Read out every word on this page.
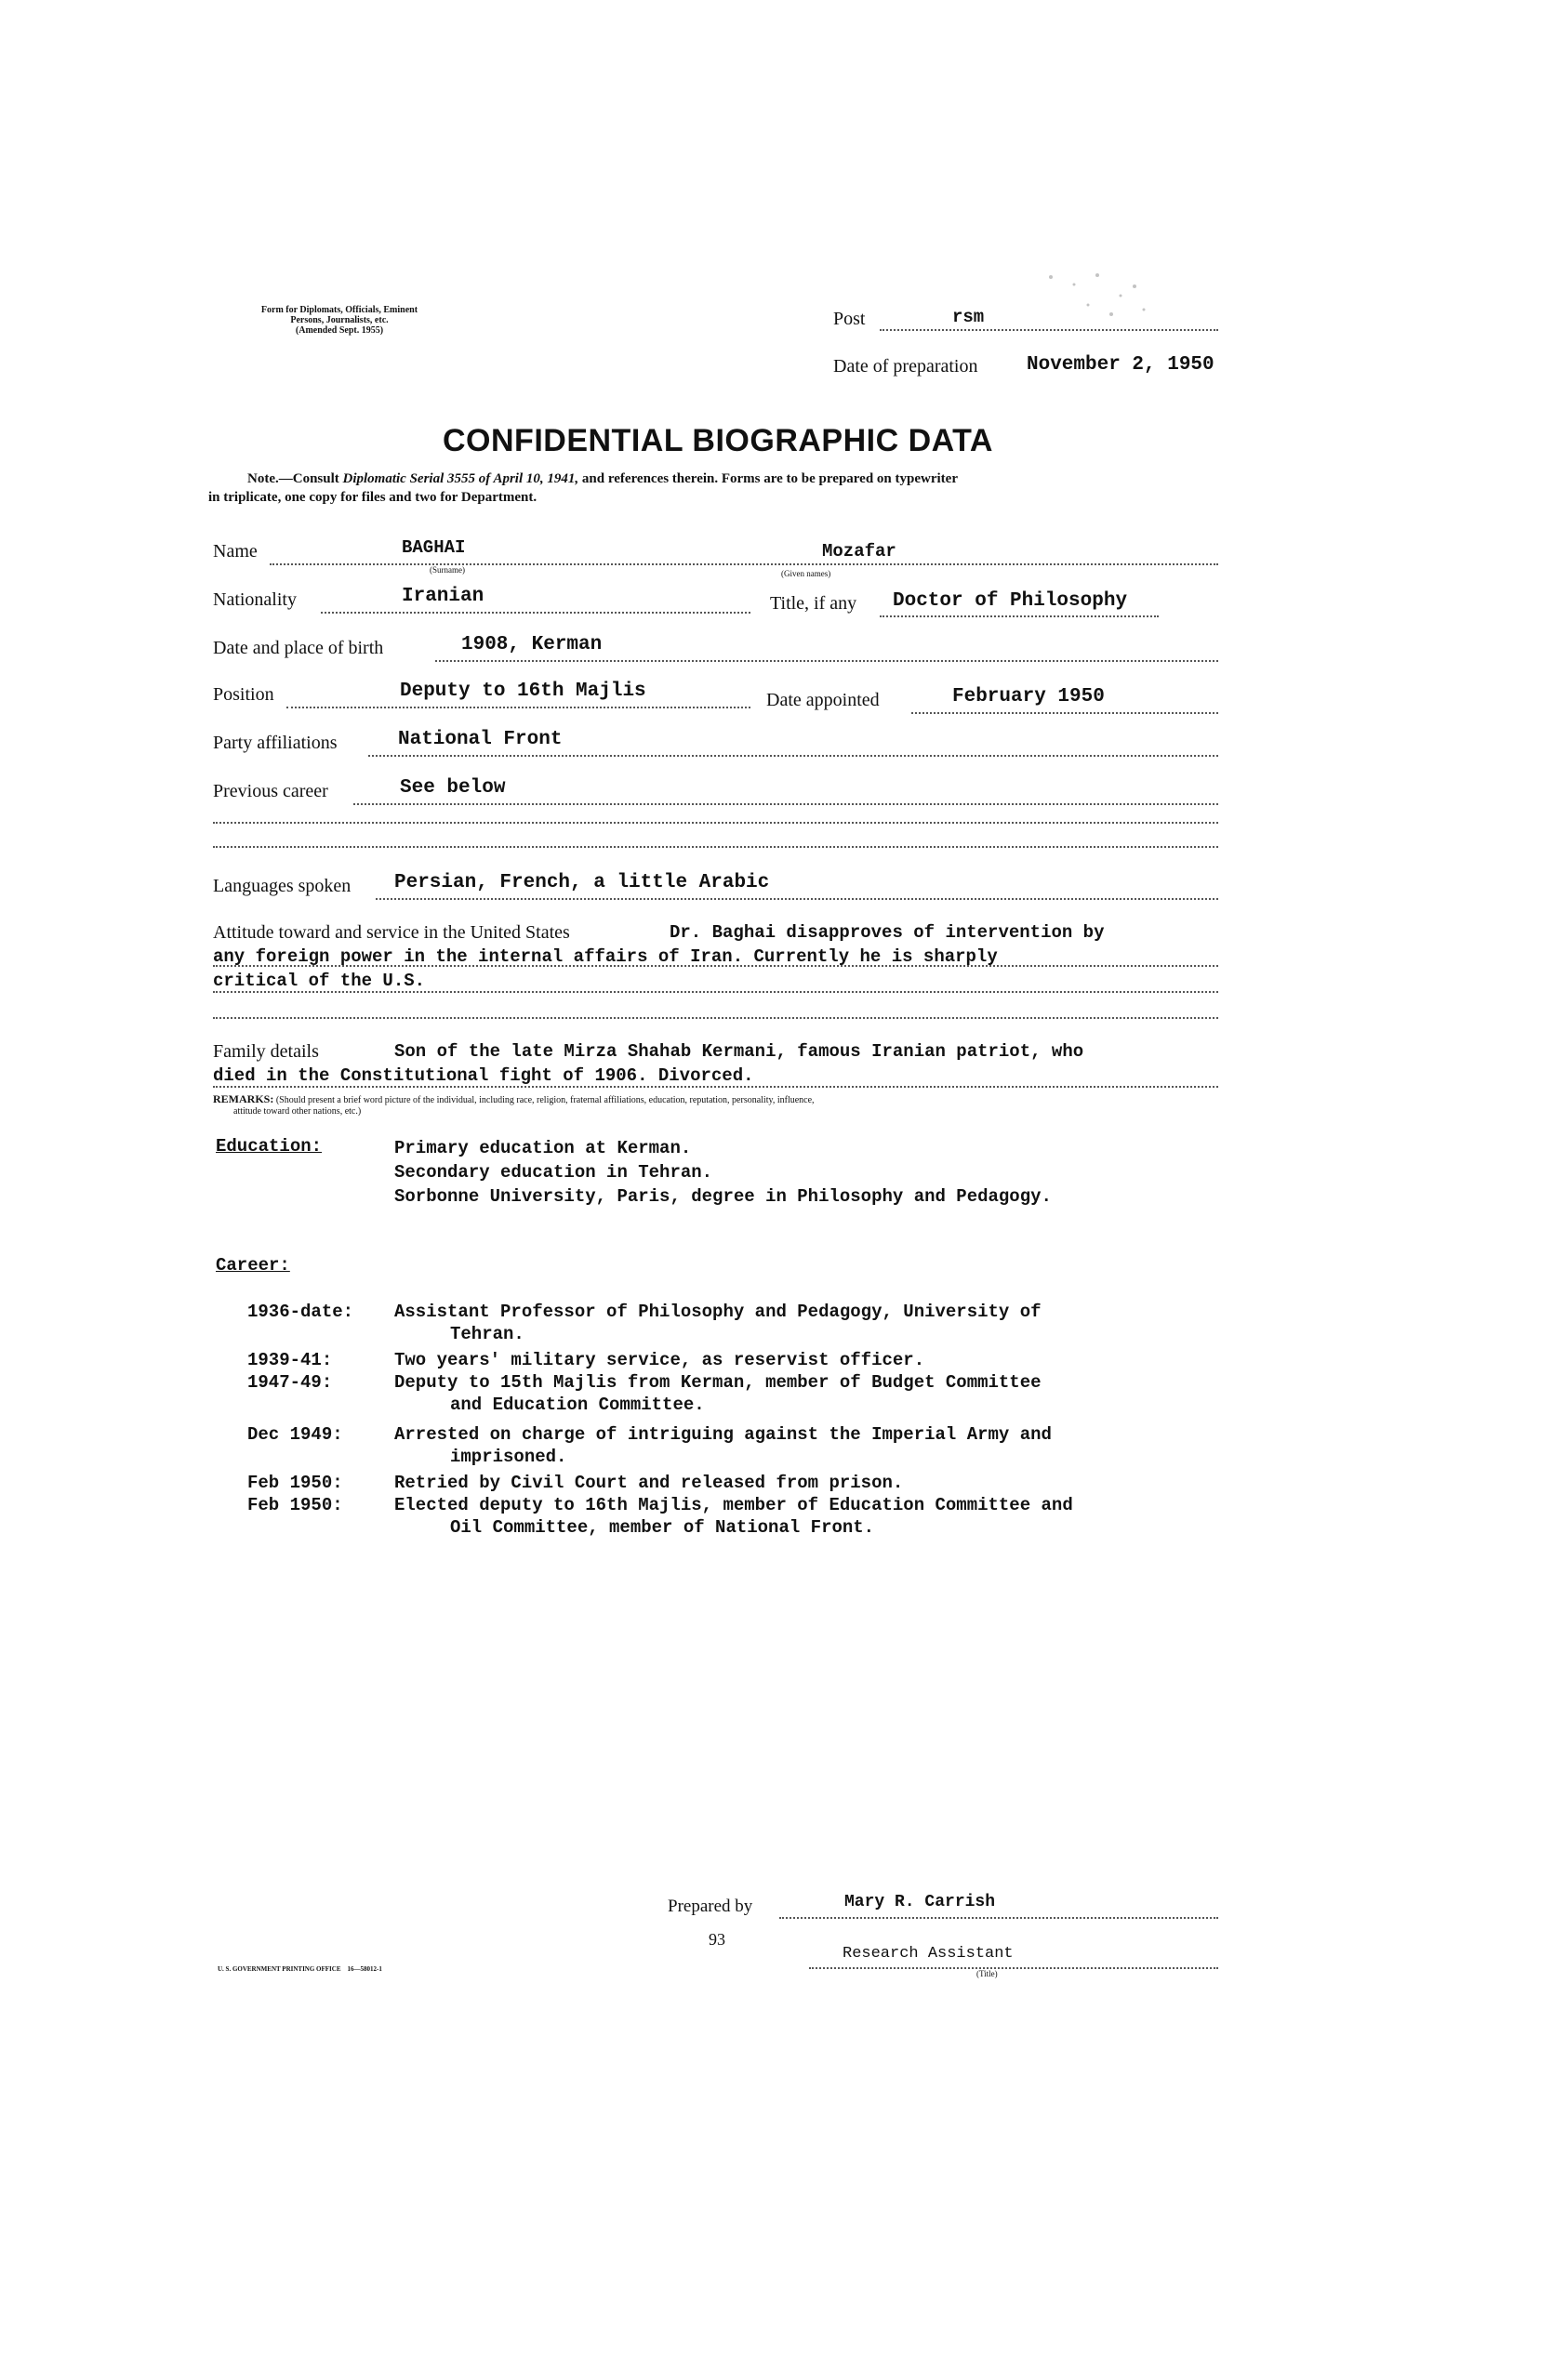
Form for Diplomats, Officials, Eminent
Persons, Journalists, etc.
(Amended Sept. 1955)
Post	rsm
Date of preparation	November 2, 1950
CONFIDENTIAL BIOGRAPHIC DATA
Note.—Consult Diplomatic Serial 3555 of April 10, 1941, and references therein. Forms are to be prepared on typewriter
in triplicate, one copy for files and two for Department.
Name	BAGHAI
(Surname)
Mozafar
(Given names)
Nationality	Iranian	Title, if any Doctor of Philosophy
Date and place of birth	1908, Kerman
Position	Deputy to 16th Majlis	Date appointed	February 1950
Party affiliations	National Front
Previous career	See below
Languages spoken Persian, French, a little Arabic
Attitude toward and service in the United States	Dr. Baghai disapproves of intervention by
any foreign power in the internal affairs of Iran. Currently he is sharply
critical of the U.S.
Family details	Son of the late Mirza Shahab Kermani, famous Iranian patriot, who
died in the Constitutional fight of 1906. Divorced.
REMARKS: (Should present a brief word picture of the individual, including race, religion, fraternal affiliations, education, reputation, personality, influence,
attitude toward other nations, etc.)
Education:	Primary education at Kerman.
Secondary education in Tehran.
Sorbonne University, Paris, degree in Philosophy and Pedagogy.
Career:
1936-date: Assistant Professor of Philosophy and Pedagogy, University of
Tehran.
1939-41:	Two years' military service, as reservist officer.
1947-49:	Deputy to 15th Majlis from Kerman, member of Budget Committee
and Education Committee.
Dec 1949:	Arrested on charge of intriguing against the Imperial Army and
imprisoned.
Feb 1950:	Retried by Civil Court and released from prison.
Feb 1950:	Elected deputy to 16th Majlis, member of Education Committee and
Oil Committee, member of National Front.
Prepared by	Mary R. Carrish
93
Research Assistant
(Title)
U. S. GOVERNMENT PRINTING OFFICE    16—58012-1
